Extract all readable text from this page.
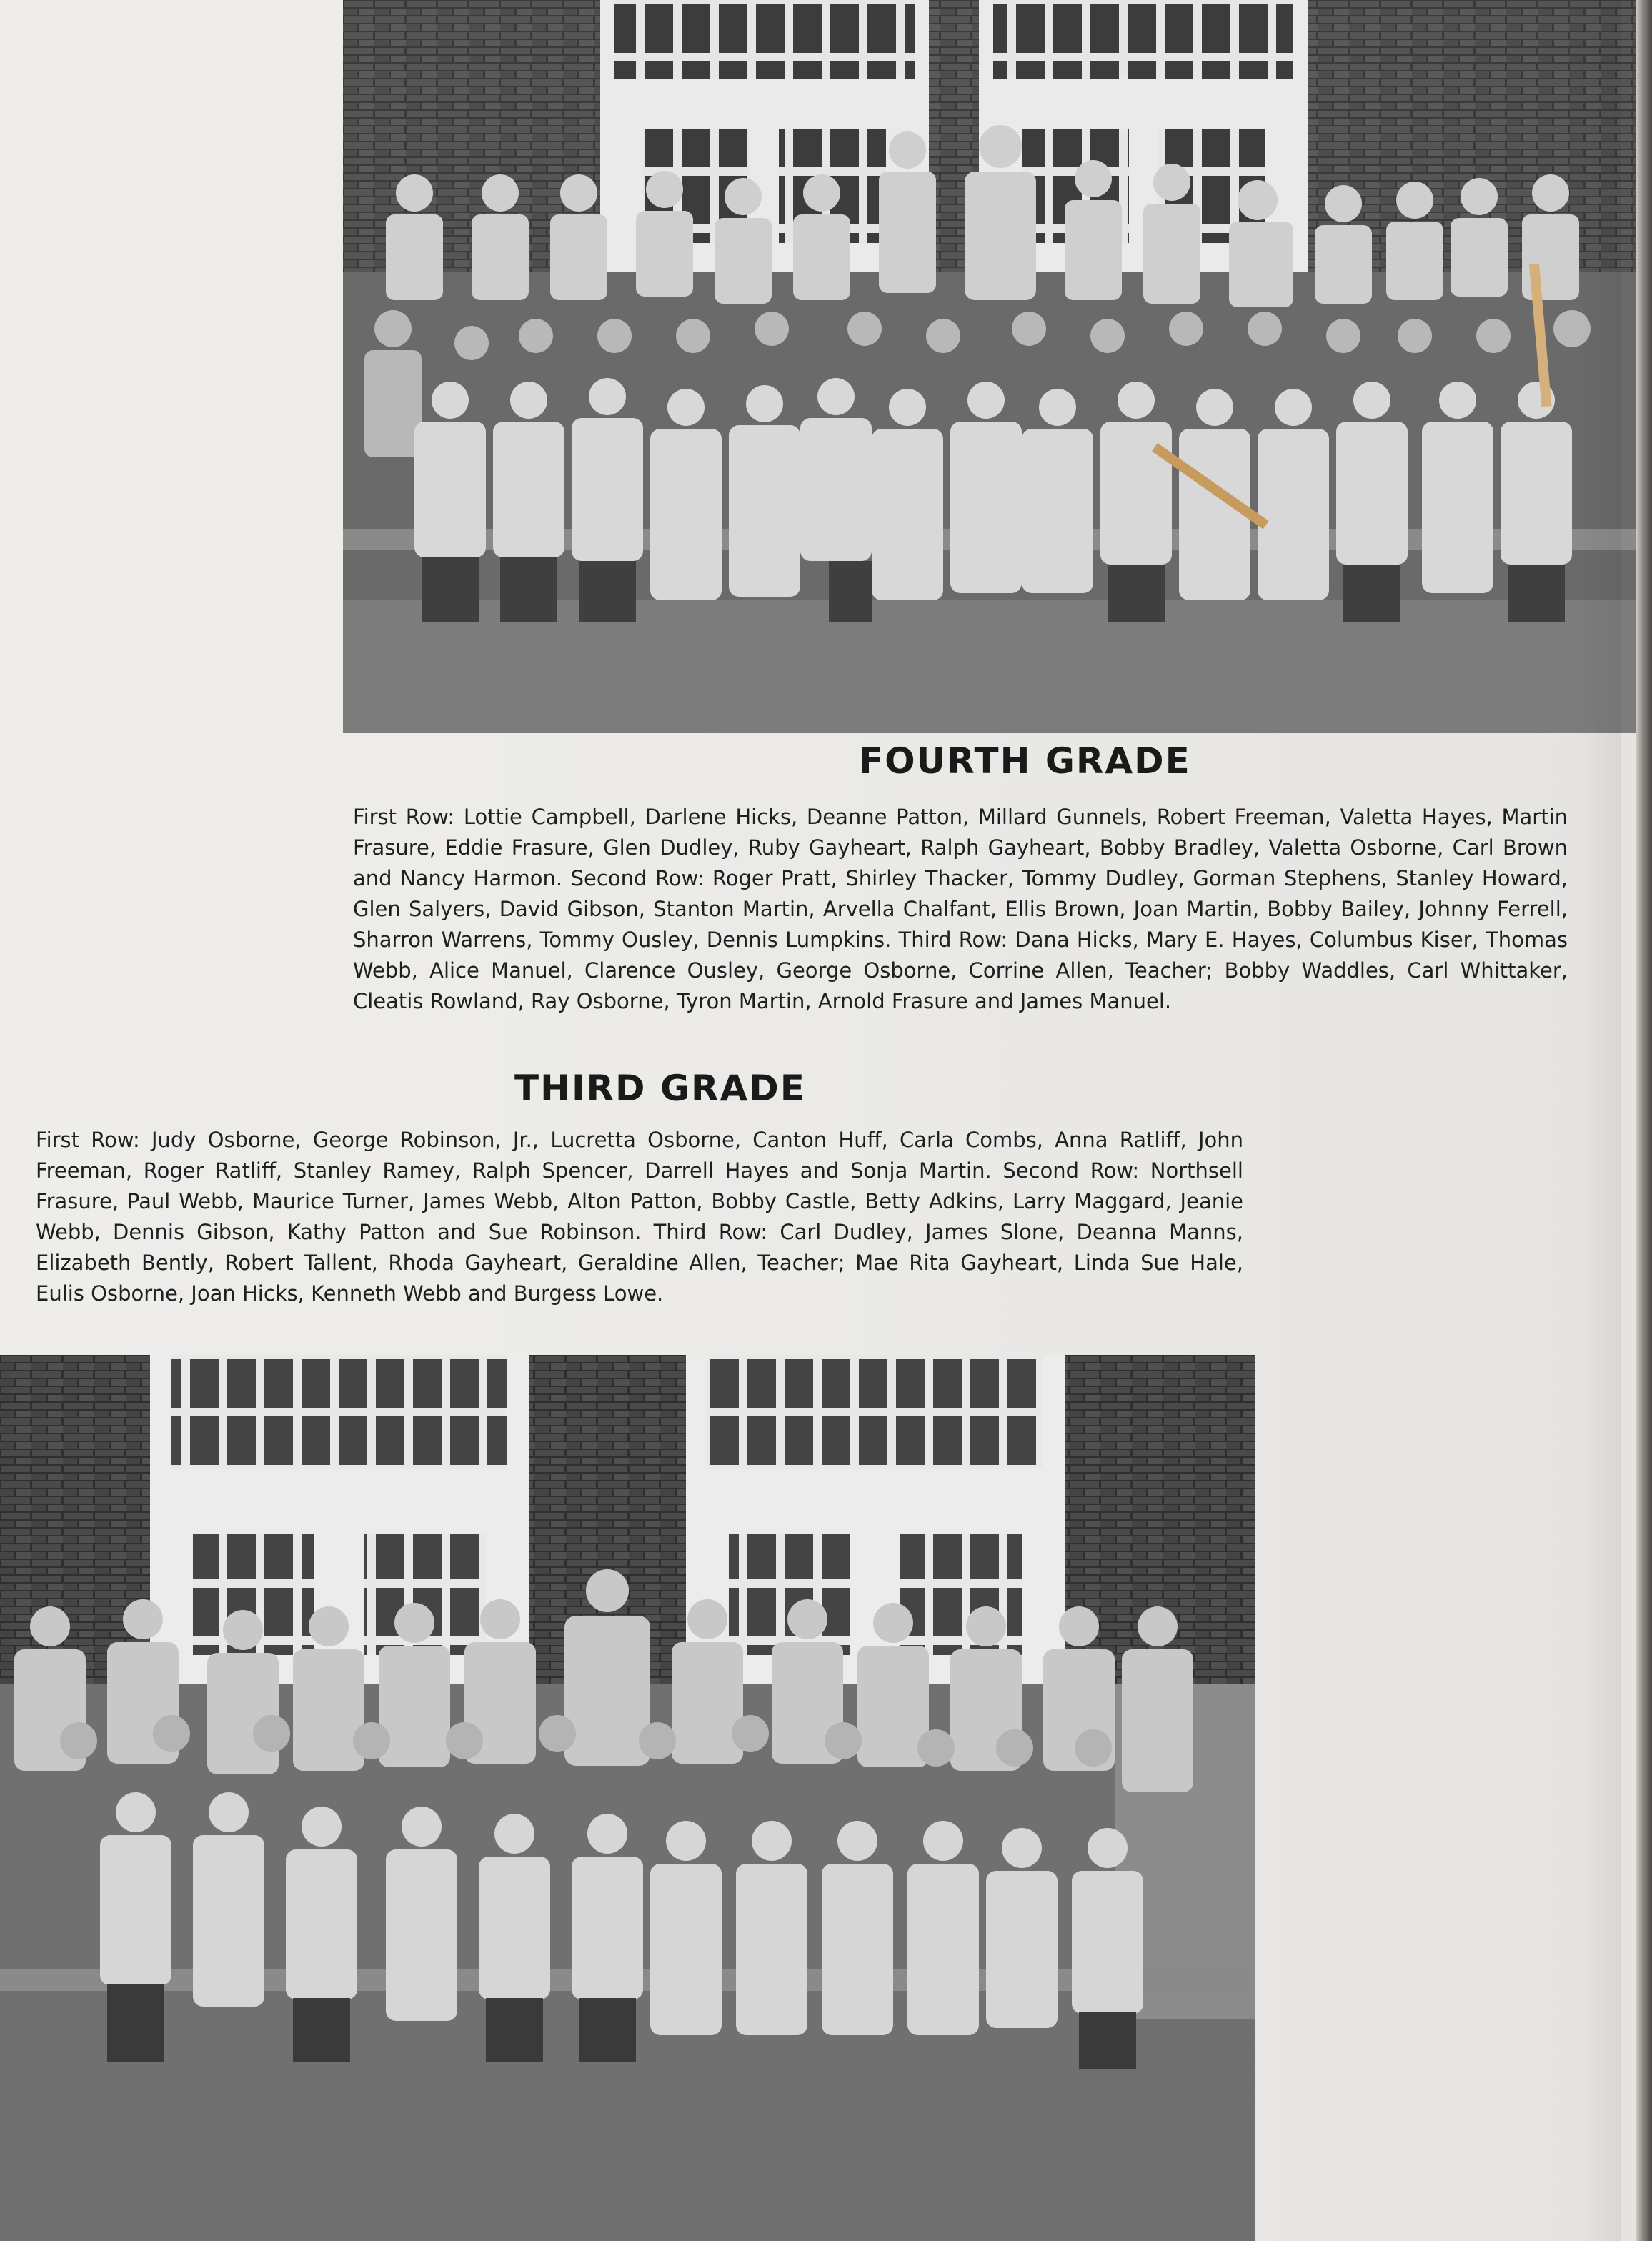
FOURTH GRADE

First Row: Lottie Campbell, Darlene Hicks, Deanne Patton, Millard Gunnels, Robert Freeman, Valetta Hayes, Martin Frasure, Eddie Frasure, Glen Dudley, Ruby Gayheart, Ralph Gayheart, Bobby Bradley, Valetta Osborne, Carl Brown and Nancy Harmon. Second Row: Roger Pratt, Shirley Thacker, Tommy Dudley, Gorman Stephens, Stanley Howard, Glen Salyers, David Gibson, Stanton Martin, Arvella Chalfant, Ellis Brown, Joan Martin, Bobby Bailey, Johnny Ferrell, Sharron Warrens, Tommy Ousley, Dennis Lumpkins. Third Row: Dana Hicks, Mary E. Hayes, Columbus Kiser, Thomas Webb, Alice Manuel, Clarence Ousley, George Osborne, Corrine Allen, Teacher; Bobby Waddles, Carl Whittaker, Cleatis Rowland, Ray Osborne, Tyron Martin, Arnold Frasure and James Manuel.

THIRD GRADE

First Row: Judy Osborne, George Robinson, Jr., Lucretta Osborne, Canton Huff, Carla Combs, Anna Ratliff, John Freeman, Roger Ratliff, Stanley Ramey, Ralph Spencer, Darrell Hayes and Sonja Martin. Second Row: Northsell Frasure, Paul Webb, Maurice Turner, James Webb, Alton Patton, Bobby Castle, Betty Adkins, Larry Maggard, Jeanie Webb, Dennis Gibson, Kathy Patton and Sue Robinson. Third Row: Carl Dudley, James Slone, Deanna Manns, Elizabeth Bently, Robert Tallent, Rhoda Gayheart, Geraldine Allen, Teacher; Mae Rita Gayheart, Linda Sue Hale, Eulis Osborne, Joan Hicks, Kenneth Webb and Burgess Lowe.
